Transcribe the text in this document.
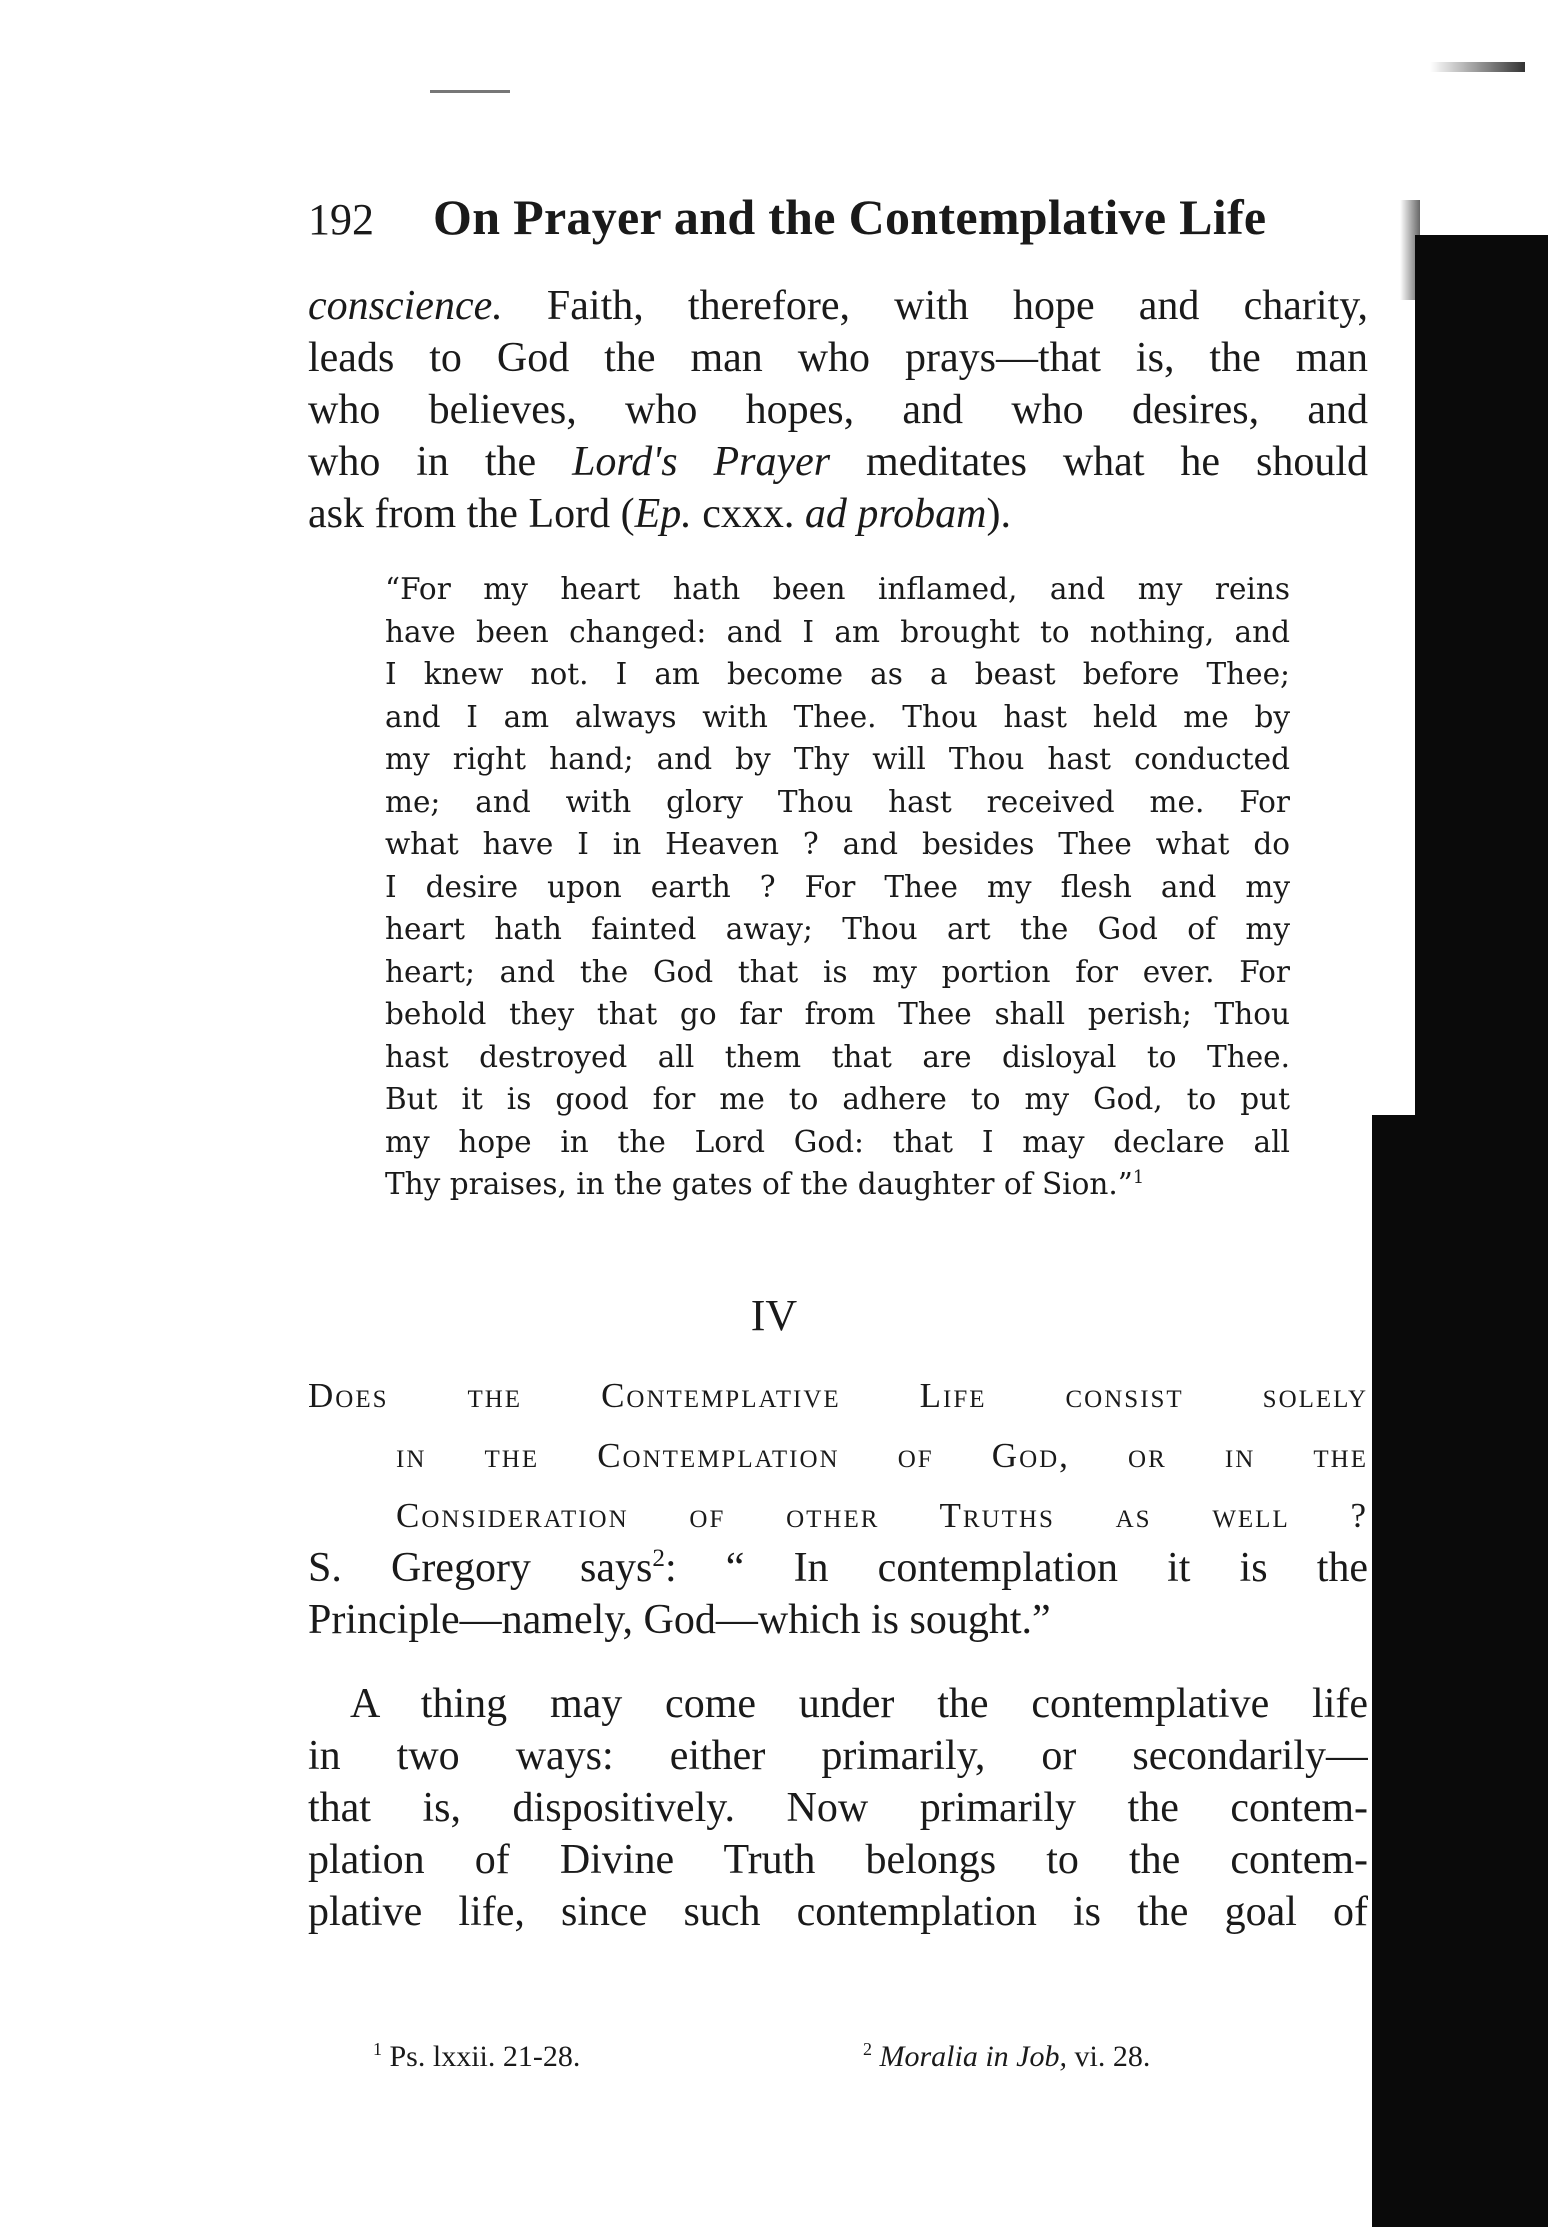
192 On Prayer and the Contemplative Life
conscience. Faith, therefore, with hope and charity,
leads to God the man who prays—that is, the man
who believes, who hopes, and who desires, and
who in the Lord's Prayer meditates what he should
ask from the Lord (Ep. cxxx. ad probam).
“For my heart hath been inflamed, and my reins
have been changed: and I am brought to nothing, and
I knew not. I am become as a beast before Thee;
and I am always with Thee. Thou hast held me by
my right hand; and by Thy will Thou hast conducted
me; and with glory Thou hast received me. For
what have I in Heaven ? and besides Thee what do
I desire upon earth ? For Thee my flesh and my
heart hath fainted away; Thou art the God of my
heart; and the God that is my portion for ever. For
behold they that go far from Thee shall perish; Thou
hast destroyed all them that are disloyal to Thee.
But it is good for me to adhere to my God, to put
my hope in the Lord God: that I may declare all
Thy praises, in the gates of the daughter of Sion.”$^1$
IV
Does the Contemplative Life consist solely
in the Contemplation of God, or in the
Consideration of other Truths as well ?
S. Gregory says$^2$: “ In contemplation it is the
Principle—namely, God—which is sought.”
A thing may come under the contemplative life
in two ways: either primarily, or secondarily—
that is, dispositively. Now primarily the contem-
plation of Divine Truth belongs to the contem-
plative life, since such contemplation is the goal of
$^1$ Ps. lxxii. 21-28.	$^2$ Moralia in Job, vi. 28.
